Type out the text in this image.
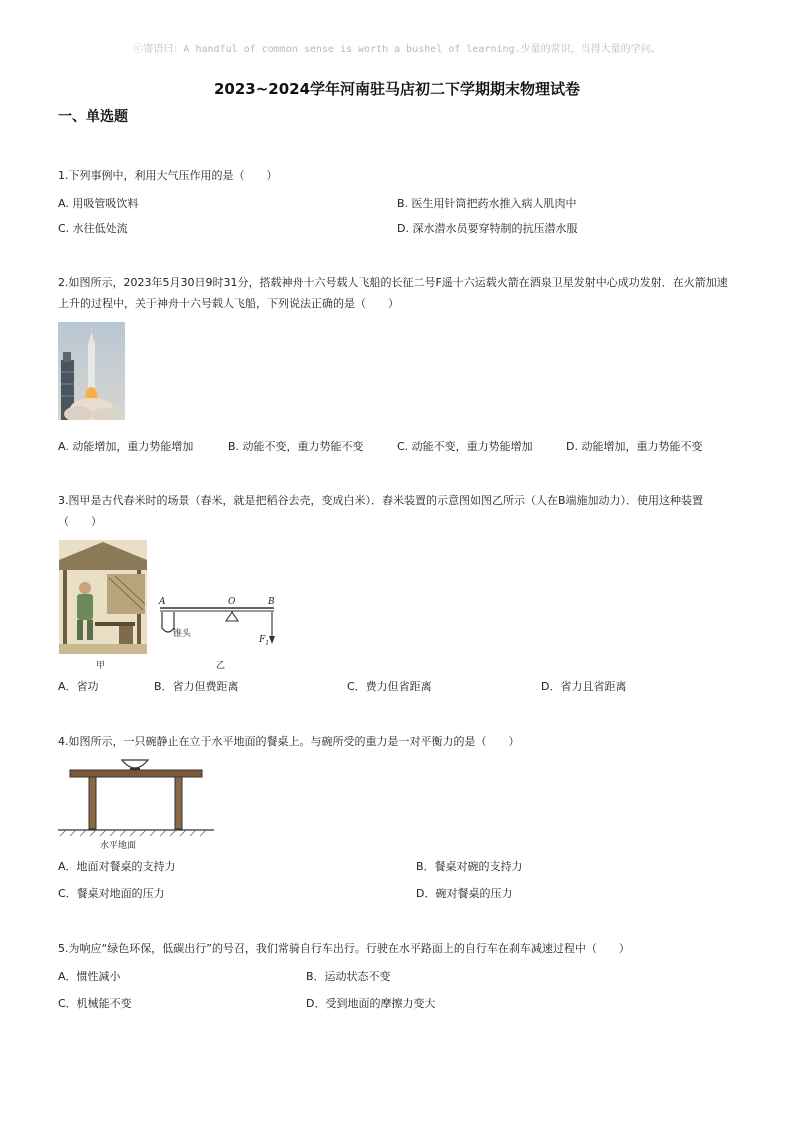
ⓒ寄语曰：A handful of common sense is worth a bushel of learning.少量的常识，当得大量的学问。
2023~2024学年河南驻马店初二下学期期末物理试卷
一、单选题
1.下列事例中，利用大气压作用的是（　　）
A. 用吸管吸饮料	B. 医生用针筒把药水推入病人肌肉中
C. 水往低处流	D. 深水潜水员要穿特制的抗压潜水服
2.如图所示，2023年5月30日9时31分，搭载神舟十六号载人飞船的长征二号F遥十六运载火箭在酒泉卫星发射中心成功发射．在火箭加速上升的过程中，关于神舟十六号载人飞船，下列说法正确的是（　　）
A. 动能增加，重力势能增加	B. 动能不变，重力势能不变	C. 动能不变，重力势能增加	D. 动能增加，重力势能不变
3.图甲是古代舂米时的场景（舂米，就是把稻谷去壳，变成白米）．舂米装置的示意图如图乙所示（人在B端施加动力）．使用这种装置（　　）
A	O	B
锥头
$F_1$
甲	乙
A．省功	B．省力但费距离	C．费力但省距离	D．省力且省距离
4.如图所示，一只碗静止在立于水平地面的餐桌上。与碗所受的重力是一对平衡力的是（　　）
水平地面
A．地面对餐桌的支持力	B．餐桌对碗的支持力
C．餐桌对地面的压力	D．碗对餐桌的压力
5.为响应“绿色环保，低碳出行”的号召，我们常骑自行车出行。行驶在水平路面上的自行车在刹车减速过程中（　　）
A．惯性减小	B．运动状态不变
C．机械能不变	D．受到地面的摩擦力变大
